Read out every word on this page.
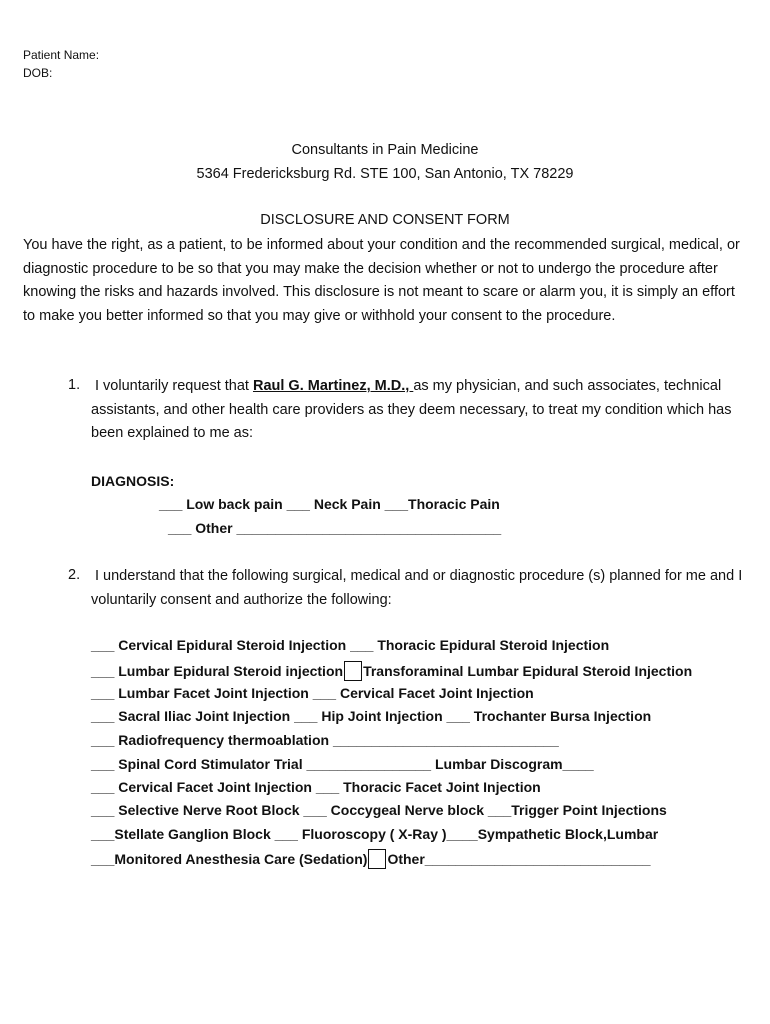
Patient Name:
DOB:
Consultants in Pain Medicine
5364 Fredericksburg Rd. STE 100, San Antonio, TX 78229
DISCLOSURE AND CONSENT FORM
You have the right, as a patient, to be informed about your condition and the recommended surgical, medical, or diagnostic procedure to be so that you may make the decision whether or not to undergo the procedure after knowing the risks and hazards involved. This disclosure is not meant to scare or alarm you, it is simply an effort to make you better informed so that you may give or withhold your consent to the procedure.
1. I voluntarily request that Raul G. Martinez, M.D., as my physician, and such associates, technical assistants, and other health care providers as they deem necessary, to treat my condition which has been explained to me as:
DIAGNOSIS:
___ Low back pain ___ Neck Pain ___Thoracic Pain
___ Other __________________________________
2. I understand that the following surgical, medical and or diagnostic procedure (s) planned for me and I voluntarily consent and authorize the following:
___ Cervical Epidural Steroid Injection ___ Thoracic Epidural Steroid Injection
___ Lumbar Epidural Steroid injection Transforaminal Lumbar Epidural Steroid Injection
___ Lumbar Facet Joint Injection ___ Cervical Facet Joint Injection
___ Sacral Iliac Joint Injection ___ Hip Joint Injection ___ Trochanter Bursa Injection
___ Radiofrequency thermoablation _____________________________
___ Spinal Cord Stimulator Trial ________________ Lumbar Discogram____
___ Cervical Facet Joint Injection ___ Thoracic Facet Joint Injection
___ Selective Nerve Root Block ___ Coccygeal Nerve block ___Trigger Point Injections
___Stellate Ganglion Block ___ Fluoroscopy ( X-Ray )____Sympathetic Block,Lumbar
___Monitored Anesthesia Care (Sedation) Other_____________________________
